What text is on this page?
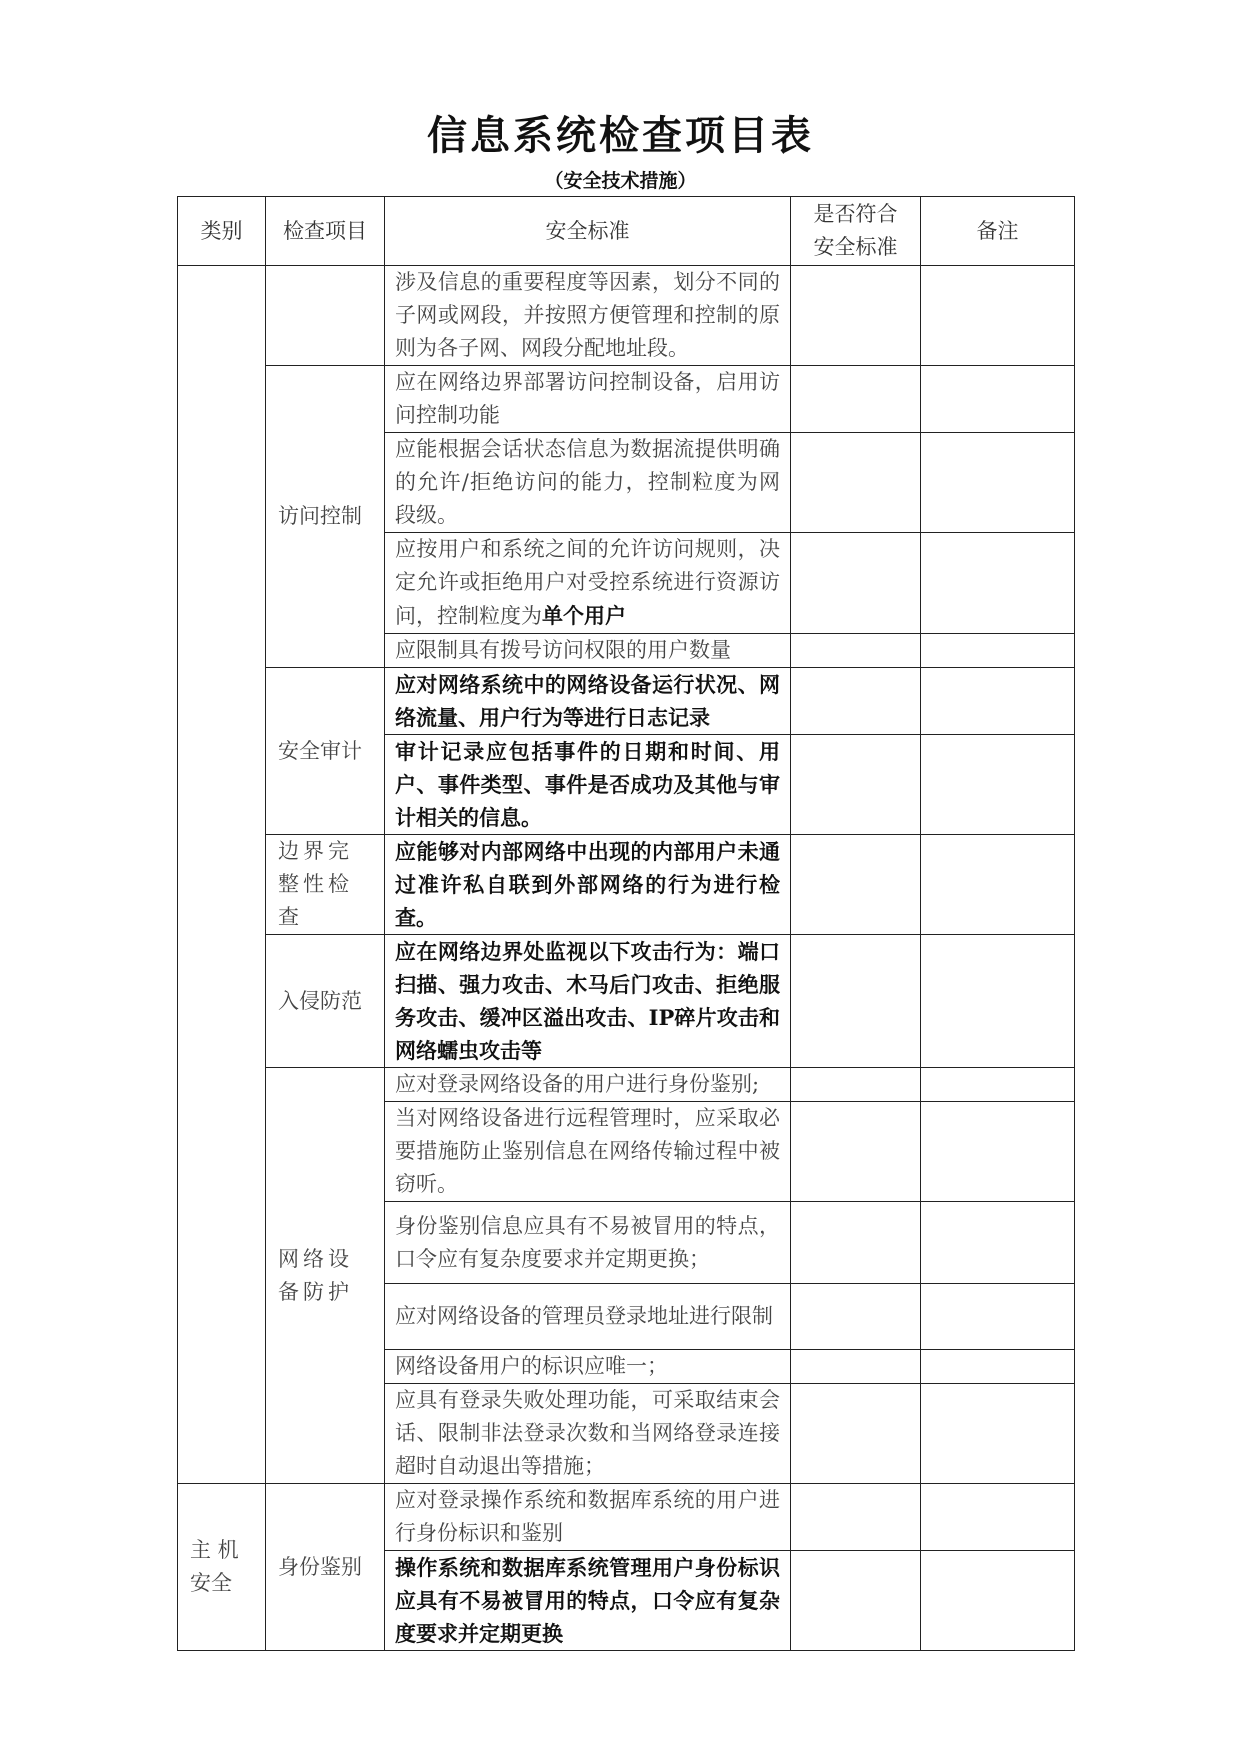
信息系统检查项目表
（安全技术措施）
类别	检查项目	安全标准	是否符合安全标准	备注
		涉及信息的重要程度等因素，划分不同的子网或网段，并按照方便管理和控制的原则为各子网、网段分配地址段。		
	访问控制	应在网络边界部署访问控制设备，启用访问控制功能		
		应能根据会话状态信息为数据流提供明确的允许/拒绝访问的能力，控制粒度为网段级。		
		应按用户和系统之间的允许访问规则，决定允许或拒绝用户对受控系统进行资源访问，控制粒度为单个用户		
		应限制具有拨号访问权限的用户数量		
	安全审计	应对网络系统中的网络设备运行状况、网络流量、用户行为等进行日志记录		
		审计记录应包括事件的日期和时间、用户、事件类型、事件是否成功及其他与审计相关的信息。		
	边界完整性检查	应能够对内部网络中出现的内部用户未通过准许私自联到外部网络的行为进行检查。		
	入侵防范	应在网络边界处监视以下攻击行为：端口扫描、强力攻击、木马后门攻击、拒绝服务攻击、缓冲区溢出攻击、IP碎片攻击和网络蠕虫攻击等		
	网络设备防护	应对登录网络设备的用户进行身份鉴别;		
		当对网络设备进行远程管理时，应采取必要措施防止鉴别信息在网络传输过程中被窃听。		
		身份鉴别信息应具有不易被冒用的特点，口令应有复杂度要求并定期更换；		
		应对网络设备的管理员登录地址进行限制		
		网络设备用户的标识应唯一；		
		应具有登录失败处理功能，可采取结束会话、限制非法登录次数和当网络登录连接超时自动退出等措施；		

主 机 安全	身份鉴别	应对登录操作系统和数据库系统的用户进行身份标识和鉴别		
		操作系统和数据库系统管理用户身份标识应具有不易被冒用的特点，口令应有复杂度要求并定期更换		
